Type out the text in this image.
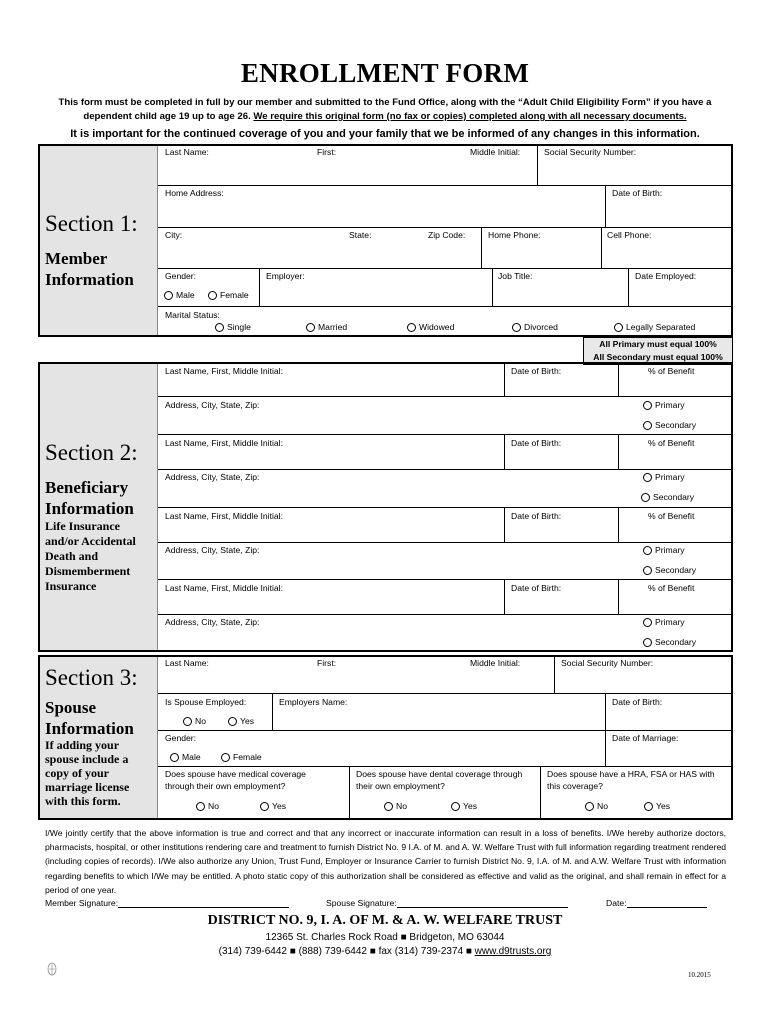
ENROLLMENT FORM
This form must be completed in full by our member and submitted to the Fund Office, along with the “Adult Child Eligibility Form” if you have a
dependent child age 19 up to age 26. We require this original form (no fax or copies) completed along with all necessary documents.
It is important for the continued coverage of you and your family that we be informed of any changes in this information.
Section 1:
Member
Information
Last Name:	First:	Middle Initial:	Social Security Number:
Home Address:	Date of Birth:
City:	State:	Zip Code:	Home Phone:	Cell Phone:
Gender:
Male	Female
Employer:	Job Title:	Date Employed:
Marital Status:
Single	Married	Widowed	Divorced	Legally Separated
All Primary must equal 100%
All Secondary must equal 100%
Section 2:
Beneficiary
Information
Life Insurance
and/or Accidental
Death and
Dismemberment
Insurance
Last Name, First, Middle Initial:	Date of Birth:	% of Benefit
Address, City, State, Zip:	Primary
Secondary
Last Name, First, Middle Initial:	Date of Birth:	% of Benefit
Address, City, State, Zip:	Primary
Secondary
Last Name, First, Middle Initial:	Date of Birth:	% of Benefit
Address, City, State, Zip:	Primary
Secondary
Last Name, First, Middle Initial:	Date of Birth:	% of Benefit
Address, City, State, Zip:	Primary
Secondary
Section 3:
Spouse
Information
If adding your
spouse include a
copy of your
marriage license
with this form.
Last Name:	First:	Middle Initial:	Social Security Number:
Is Spouse Employed:
No	Yes
Employers Name:	Date of Birth:
Gender:
Male	Female
Date of Marriage:
Does spouse have medical coverage
through their own employment?
No	Yes
Does spouse have dental coverage through
their own employment?
No	Yes
Does spouse have a HRA, FSA or HAS with
this coverage?
No	Yes
I/We jointly certify that the above information is true and correct and that any incorrect or inaccurate information can result in a loss of benefits. I/We hereby authorize doctors, pharmacists, hospital, or other institutions rendering care and treatment to furnish District No. 9 I.A. of M. and A. W. Welfare Trust with full information regarding treatment rendered (including copies of records). I/We also authorize any Union, Trust Fund, Employer or Insurance Carrier to furnish District No. 9, I.A. of M. and A.W. Welfare Trust with information regarding benefits to which I/We may be entitled. A photo static copy of this authorization shall be considered as effective and valid as the original, and shall remain in effect for a period of one year.
Member Signature:	Spouse Signature:	Date:
DISTRICT NO. 9, I. A. OF M. & A. W. WELFARE TRUST
12365 St. Charles Rock Road ■ Bridgeton, MO 63044
(314) 739-6442 ■ (888) 739-6442 ■ fax (314) 739-2374 ■ www.d9trusts.org
10.2015
